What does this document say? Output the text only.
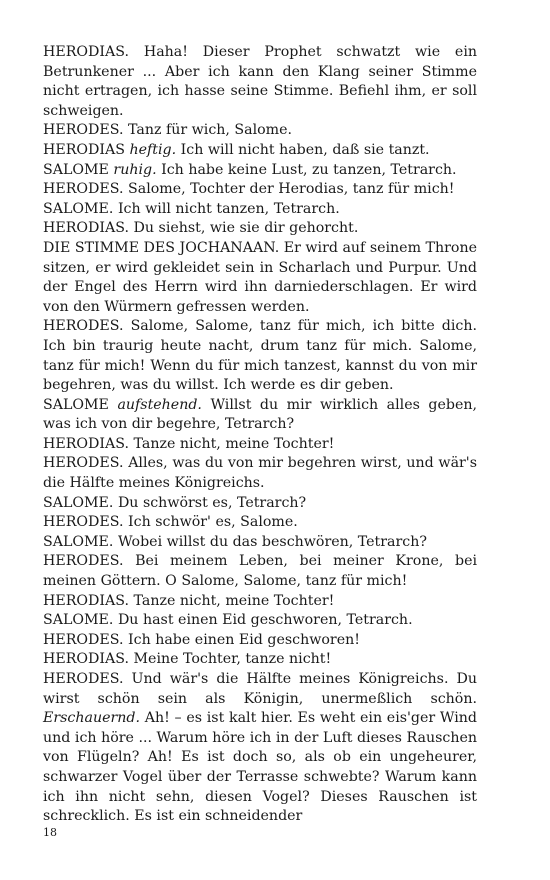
HERODIAS. Haha! Dieser Prophet schwatzt wie ein Betrunkener ... Aber ich kann den Klang seiner Stimme nicht ertragen, ich hasse seine Stimme. Befiehl ihm, er soll schweigen.

HERODES. Tanz für wich, Salome.

HERODIAS heftig. Ich will nicht haben, daß sie tanzt.

SALOME ruhig. Ich habe keine Lust, zu tanzen, Tetrarch.

HERODES. Salome, Tochter der Herodias, tanz für mich!

SALOME. Ich will nicht tanzen, Tetrarch.

HERODIAS. Du siehst, wie sie dir gehorcht.

DIE STIMME DES JOCHANAAN. Er wird auf seinem Throne sitzen, er wird gekleidet sein in Scharlach und Purpur. Und der Engel des Herrn wird ihn darniederschlagen. Er wird von den Würmern gefressen werden.

HERODES. Salome, Salome, tanz für mich, ich bitte dich. Ich bin traurig heute nacht, drum tanz für mich. Salome, tanz für mich! Wenn du für mich tanzest, kannst du von mir begehren, was du willst. Ich werde es dir geben.

SALOME aufstehend. Willst du mir wirklich alles geben, was ich von dir begehre, Tetrarch?

HERODIAS. Tanze nicht, meine Tochter!

HERODES. Alles, was du von mir begehren wirst, und wär's die Hälfte meines Königreichs.

SALOME. Du schwörst es, Tetrarch?

HERODES. Ich schwör' es, Salome.

SALOME. Wobei willst du das beschwören, Tetrarch?

HERODES. Bei meinem Leben, bei meiner Krone, bei meinen Göttern. O Salome, Salome, tanz für mich!

HERODIAS. Tanze nicht, meine Tochter!

SALOME. Du hast einen Eid geschworen, Tetrarch.

HERODES. Ich habe einen Eid geschworen!

HERODIAS. Meine Tochter, tanze nicht!

HERODES. Und wär's die Hälfte meines Königreichs. Du wirst schön sein als Königin, unermeßlich schön. Erschauernd. Ah! – es ist kalt hier. Es weht ein eis'ger Wind und ich höre ... Warum höre ich in der Luft dieses Rauschen von Flügeln? Ah! Es ist doch so, als ob ein ungeheurer, schwarzer Vogel über der Terrasse schwebte? Warum kann ich ihn nicht sehn, diesen Vogel? Dieses Rauschen ist schrecklich. Es ist ein schneidender

18
